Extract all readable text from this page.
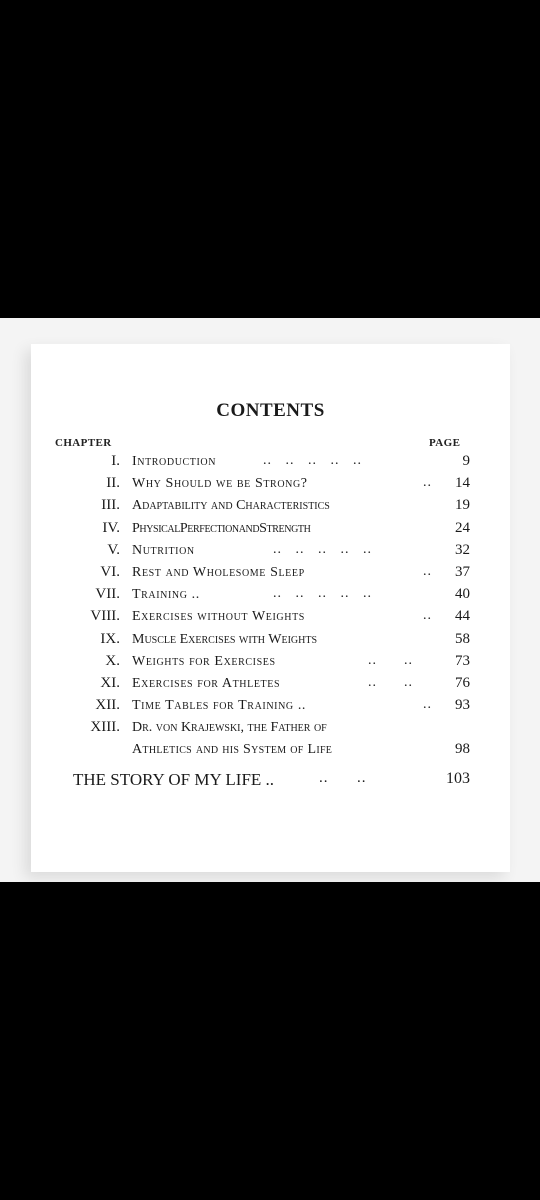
CONTENTS
CHAPTER	PAGE
I. Introduction	..   ..   ..   ..   ..	9
II. Why Should we be Strong?	.. 14
III. Adaptability and Characteristics	19
IV. PhysicalPerfectionandStrength	24
V. Nutrition	..   ..   ..   ..   ..	32
VI. Rest and Wholesome Sleep	.. 37
VII. Training ..	..   ..   ..   ..   ..	40
VIII. Exercises without Weights	.. 44
IX. Muscle Exercises with Weights	58
X. Weights for Exercises	..      ..	73
XI. Exercises for Athletes	..      ..	76
XII. Time Tables for Training ..	.. 93
XIII. Dr. von Krajewski, the Father of
Athletics and his System of Life	98
THE STORY OF MY LIFE ..	..      ..	103
